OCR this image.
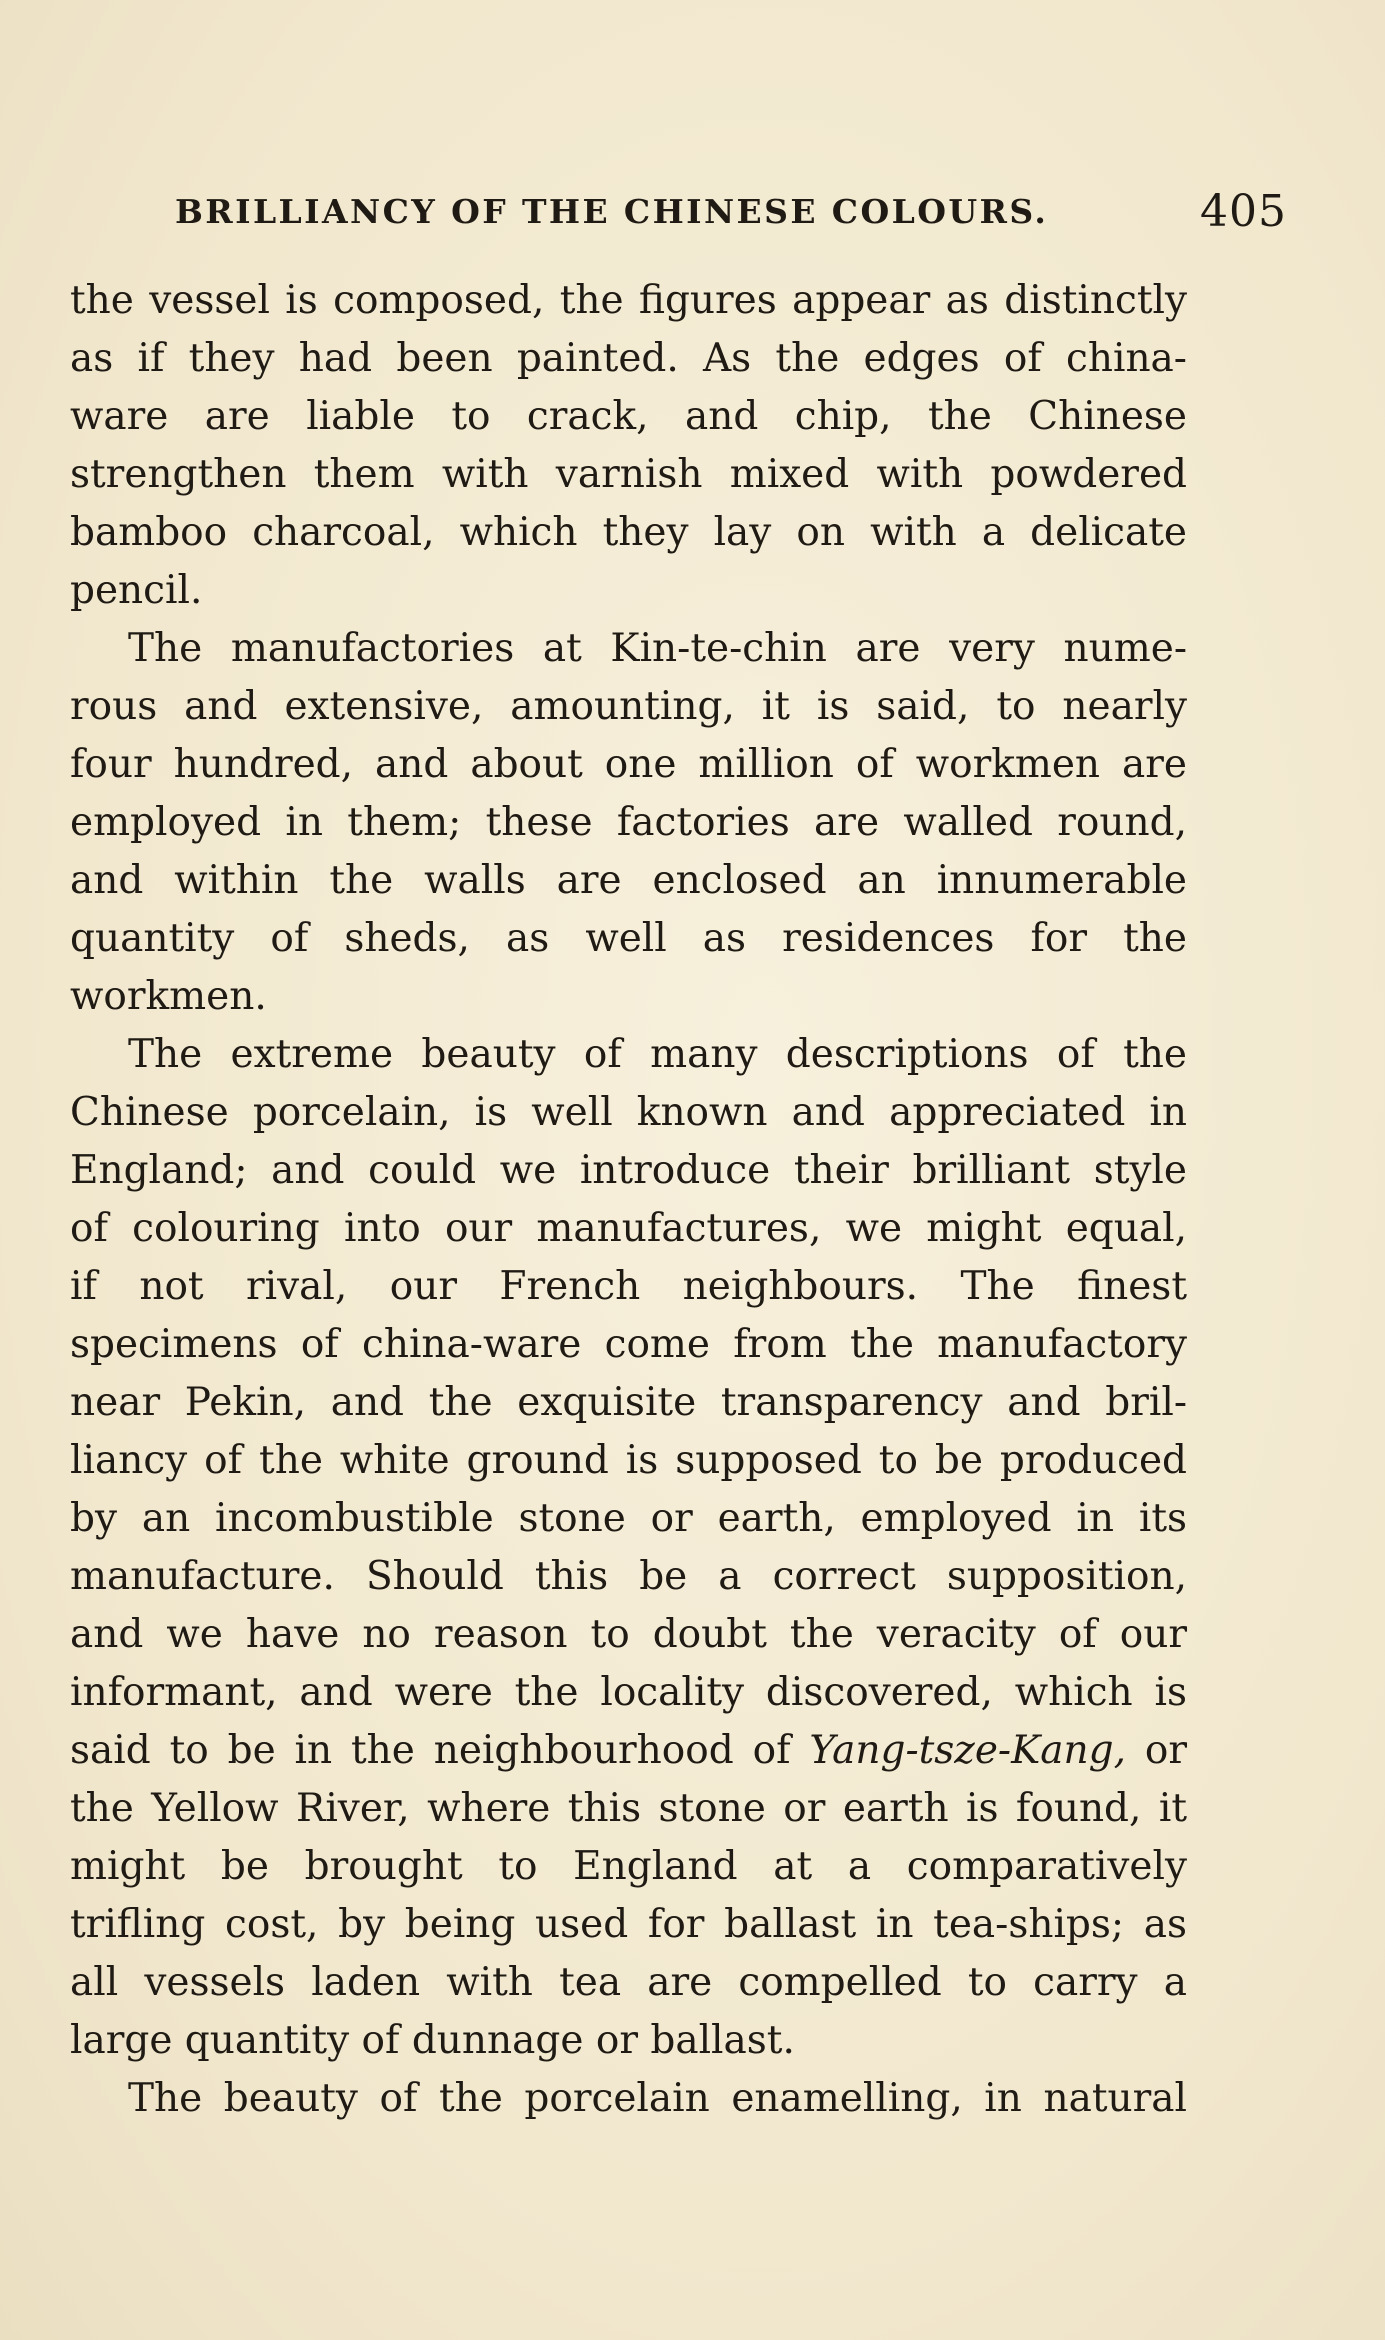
BRILLIANCY OF THE CHINESE COLOURS.	405
the vessel is composed, the figures appear as distinctly
as if they had been painted. As the edges of china-
ware are liable to crack, and chip, the Chinese
strengthen them with varnish mixed with powdered
bamboo charcoal, which they lay on with a delicate
pencil.
The manufactories at Kin-te-chin are very nume-
rous and extensive, amounting, it is said, to nearly
four hundred, and about one million of workmen are
employed in them; these factories are walled round,
and within the walls are enclosed an innumerable
quantity of sheds, as well as residences for the
workmen.
The extreme beauty of many descriptions of the
Chinese porcelain, is well known and appreciated in
England; and could we introduce their brilliant style
of colouring into our manufactures, we might equal,
if not rival, our French neighbours. The finest
specimens of china-ware come from the manufactory
near Pekin, and the exquisite transparency and bril-
liancy of the white ground is supposed to be produced
by an incombustible stone or earth, employed in its
manufacture. Should this be a correct supposition,
and we have no reason to doubt the veracity of our
informant, and were the locality discovered, which is
said to be in the neighbourhood of Yang-tsze-Kang, or
the Yellow River, where this stone or earth is found, it
might be brought to England at a comparatively
trifling cost, by being used for ballast in tea-ships; as
all vessels laden with tea are compelled to carry a
large quantity of dunnage or ballast.
The beauty of the porcelain enamelling, in natural
